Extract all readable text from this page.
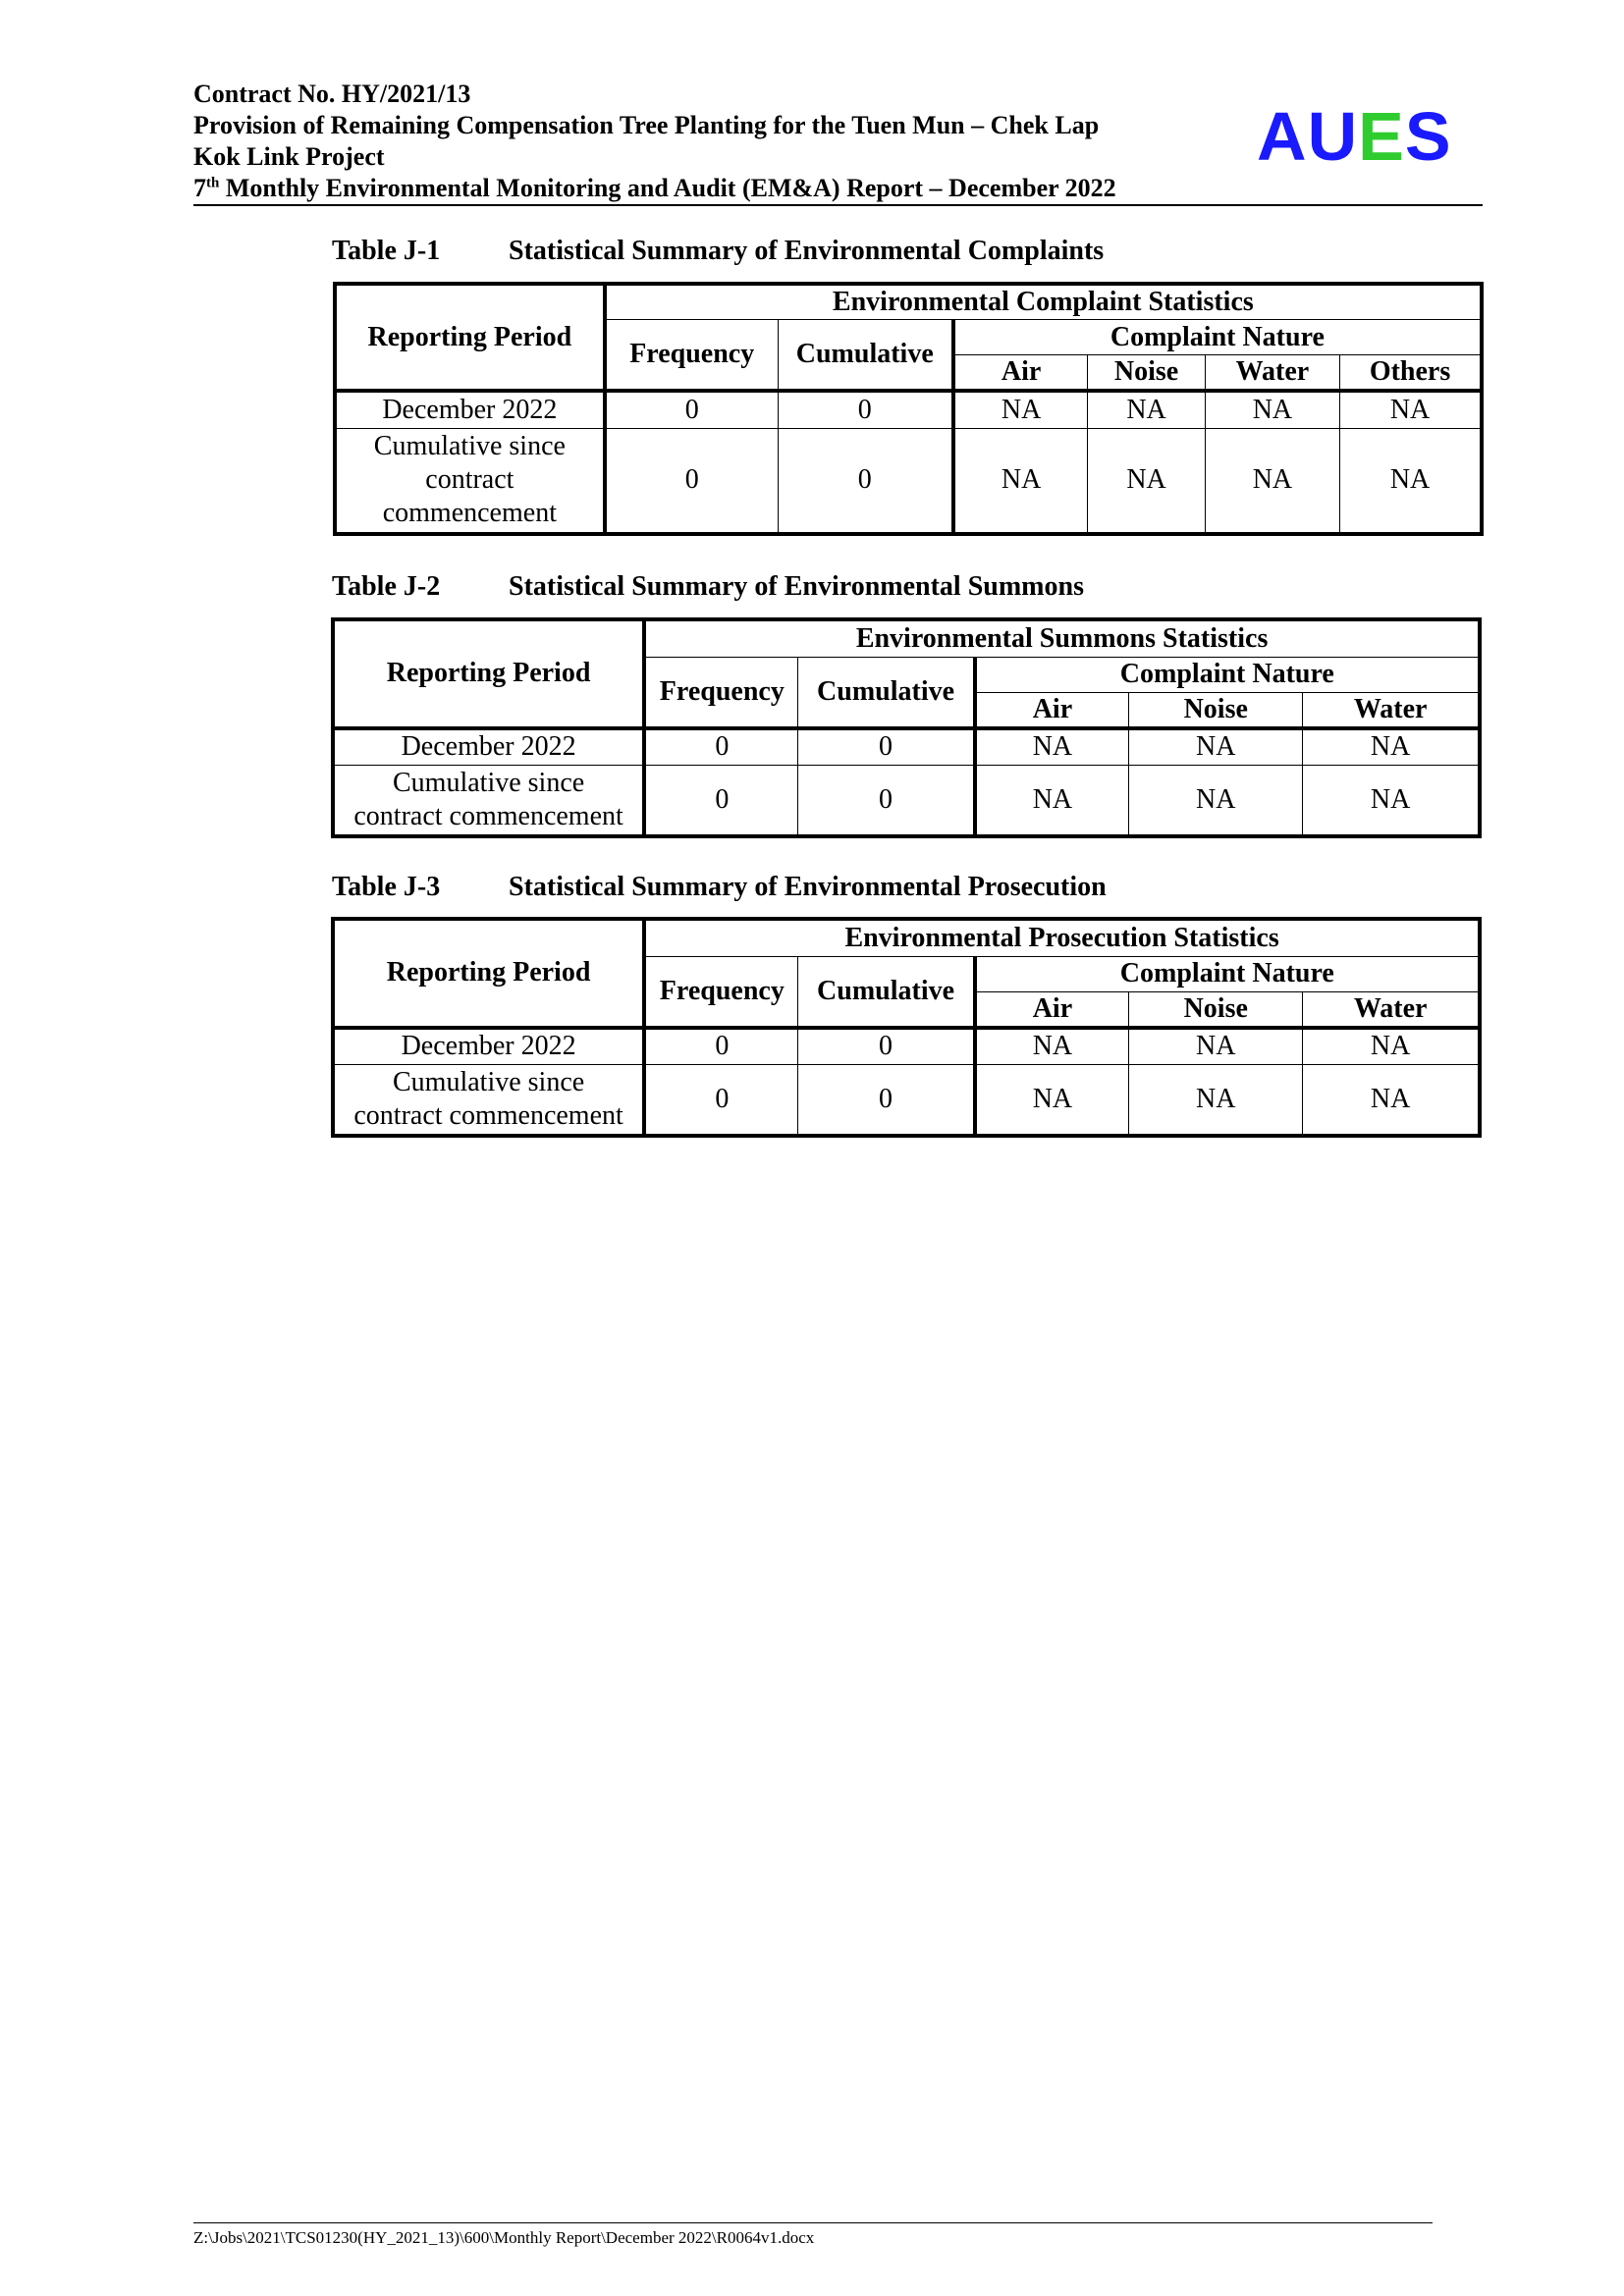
Contract No. HY/2021/13
Provision of Remaining Compensation Tree Planting for the Tuen Mun – Chek Lap
Kok Link Project
7th Monthly Environmental Monitoring and Audit (EM&A) Report – December 2022
AUES
Table J-1 Statistical Summary of Environmental Complaints
Reporting Period	Environmental Complaint Statistics					
	Frequency	Cumulative	Complaint Nature			
			Air	Noise	Water	Others
December 2022	0	0	NA	NA	NA	NA
Cumulative since contract commencement	0	0	NA	NA	NA	NA
Table J-2 Statistical Summary of Environmental Summons
Reporting Period	Environmental Summons Statistics				
	Frequency	Cumulative	Complaint Nature		
			Air	Noise	Water
December 2022	0	0	NA	NA	NA
Cumulative since contract commencement	0	0	NA	NA	NA
Table J-3 Statistical Summary of Environmental Prosecution
Reporting Period	Environmental Prosecution Statistics				
	Frequency	Cumulative	Complaint Nature		
			Air	Noise	Water
December 2022	0	0	NA	NA	NA
Cumulative since contract commencement	0	0	NA	NA	NA
Z:\Jobs\2021\TCS01230(HY_2021_13)\600\Monthly Report\December 2022\R0064v1.docx
